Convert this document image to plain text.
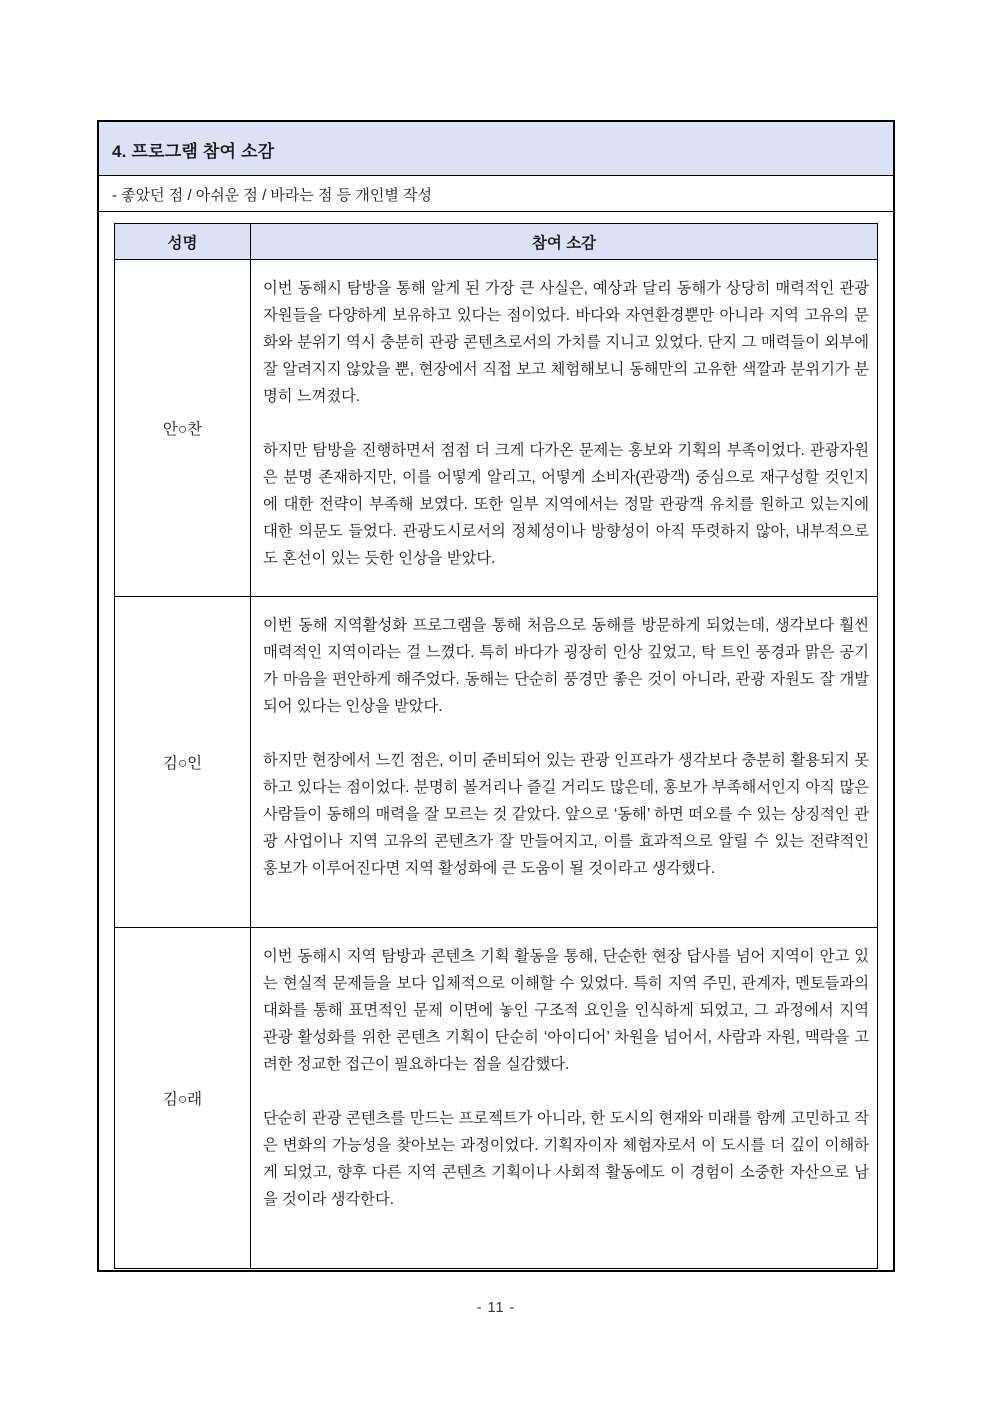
4. 프로그램 참여 소감
- 좋았던 점 / 아쉬운 점 / 바라는 점 등 개인별 작성
성명	참여 소감
안○찬	이번 동해시 탐방을 통해 알게 된 가장 큰 사실은, 예상과 달리 동해가 상당히 매력적인 관광 자원들을 다양하게 보유하고 있다는 점이었다. 바다와 자연환경뿐만 아니라 지역 고유의 문화와 분위기 역시 충분히 관광 콘텐츠로서의 가치를 지니고 있었다. 단지 그 매력들이 외부에 잘 알려지지 않았을 뿐, 현장에서 직접 보고 체험해보니 동해만의 고유한 색깔과 분위기가 분명히 느껴졌다.

하지만 탐방을 진행하면서 점점 더 크게 다가온 문제는 홍보와 기획의 부족이었다. 관광자원은 분명 존재하지만, 이를 어떻게 알리고, 어떻게 소비자(관광객) 중심으로 재구성할 것인지에 대한 전략이 부족해 보였다. 또한 일부 지역에서는 정말 관광객 유치를 원하고 있는지에 대한 의문도 들었다. 관광도시로서의 정체성이나 방향성이 아직 뚜렷하지 않아, 내부적으로도 혼선이 있는 듯한 인상을 받았다.

김○인	이번 동해 지역활성화 프로그램을 통해 처음으로 동해를 방문하게 되었는데, 생각보다 훨씬 매력적인 지역이라는 걸 느꼈다. 특히 바다가 굉장히 인상 깊었고, 탁 트인 풍경과 맑은 공기가 마음을 편안하게 해주었다. 동해는 단순히 풍경만 좋은 것이 아니라, 관광 자원도 잘 개발되어 있다는 인상을 받았다.

하지만 현장에서 느낀 점은, 이미 준비되어 있는 관광 인프라가 생각보다 충분히 활용되지 못하고 있다는 점이었다. 분명히 볼거리나 즐길 거리도 많은데, 홍보가 부족해서인지 아직 많은 사람들이 동해의 매력을 잘 모르는 것 같았다. 앞으로 ‘동해’ 하면 떠오를 수 있는 상징적인 관광 사업이나 지역 고유의 콘텐츠가 잘 만들어지고, 이를 효과적으로 알릴 수 있는 전략적인 홍보가 이루어진다면 지역 활성화에 큰 도움이 될 것이라고 생각했다.

김○래	이번 동해시 지역 탐방과 콘텐츠 기획 활동을 통해, 단순한 현장 답사를 넘어 지역이 안고 있는 현실적 문제들을 보다 입체적으로 이해할 수 있었다. 특히 지역 주민, 관계자, 멘토들과의 대화를 통해 표면적인 문제 이면에 놓인 구조적 요인을 인식하게 되었고, 그 과정에서 지역 관광 활성화를 위한 콘텐츠 기획이 단순히 ‘아이디어’ 차원을 넘어서, 사람과 자원, 맥락을 고려한 정교한 접근이 필요하다는 점을 실감했다.

단순히 관광 콘텐츠를 만드는 프로젝트가 아니라, 한 도시의 현재와 미래를 함께 고민하고 작은 변화의 가능성을 찾아보는 과정이었다. 기획자이자 체험자로서 이 도시를 더 깊이 이해하게 되었고, 향후 다른 지역 콘텐츠 기획이나 사회적 활동에도 이 경험이 소중한 자산으로 남을 것이라 생각한다.

- 11 -
